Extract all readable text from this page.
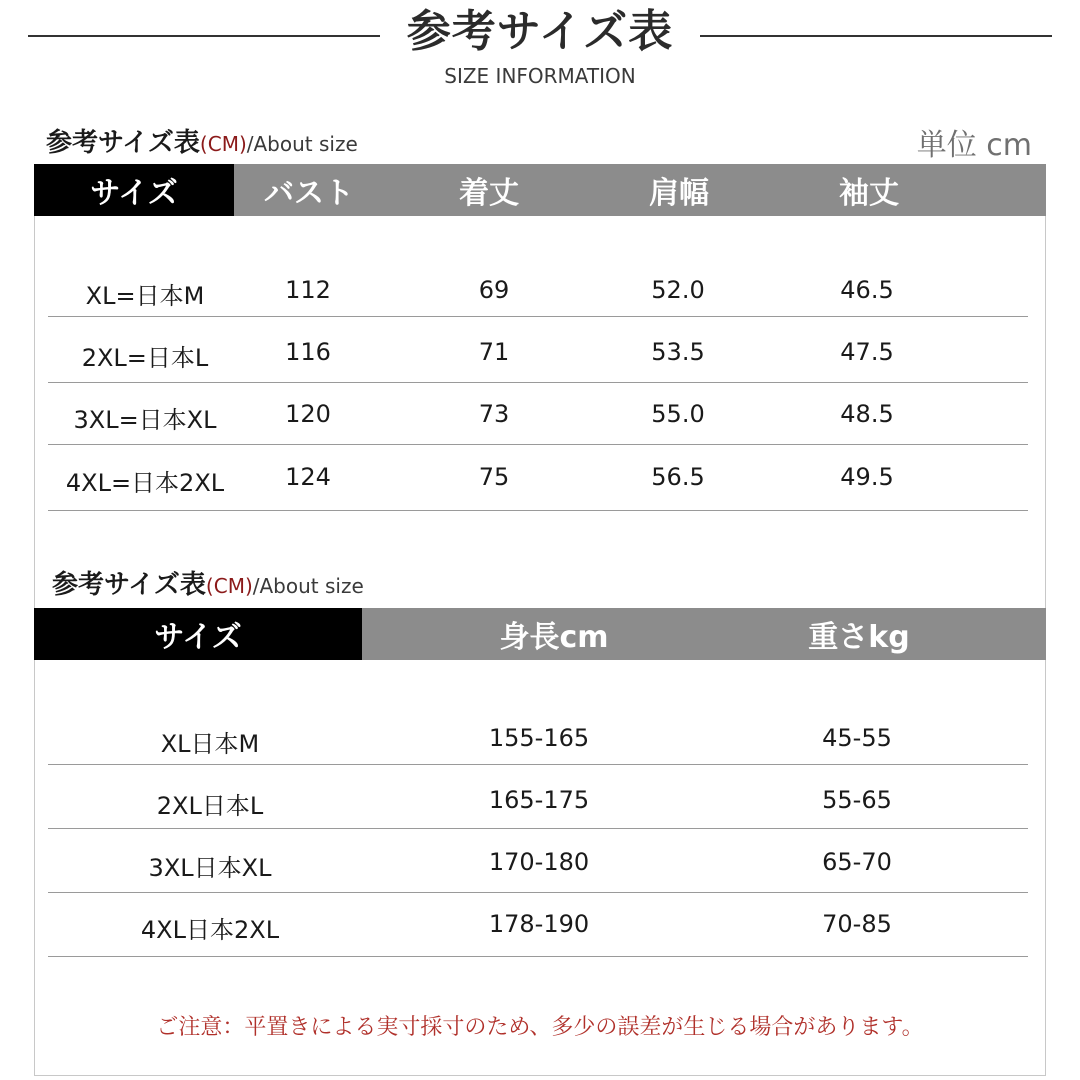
参考サイズ表
SIZE INFORMATION
参考サイズ表(CM)/About size	単位 cm
サイズ	バスト	着丈	肩幅	袖丈
XL=日本M	112	69	52.0	46.5
2XL=日本L	116	71	53.5	47.5
3XL=日本XL	120	73	55.0	48.5
4XL=日本2XL	124	75	56.5	49.5
参考サイズ表(CM)/About size
サイズ	身長cm	重さkg
XL日本M	155-165	45-55
2XL日本L	165-175	55-65
3XL日本XL	170-180	65-70
4XL日本2XL	178-190	70-85
ご注意：平置きによる実寸採寸のため、多少の誤差が生じる場合があります。
